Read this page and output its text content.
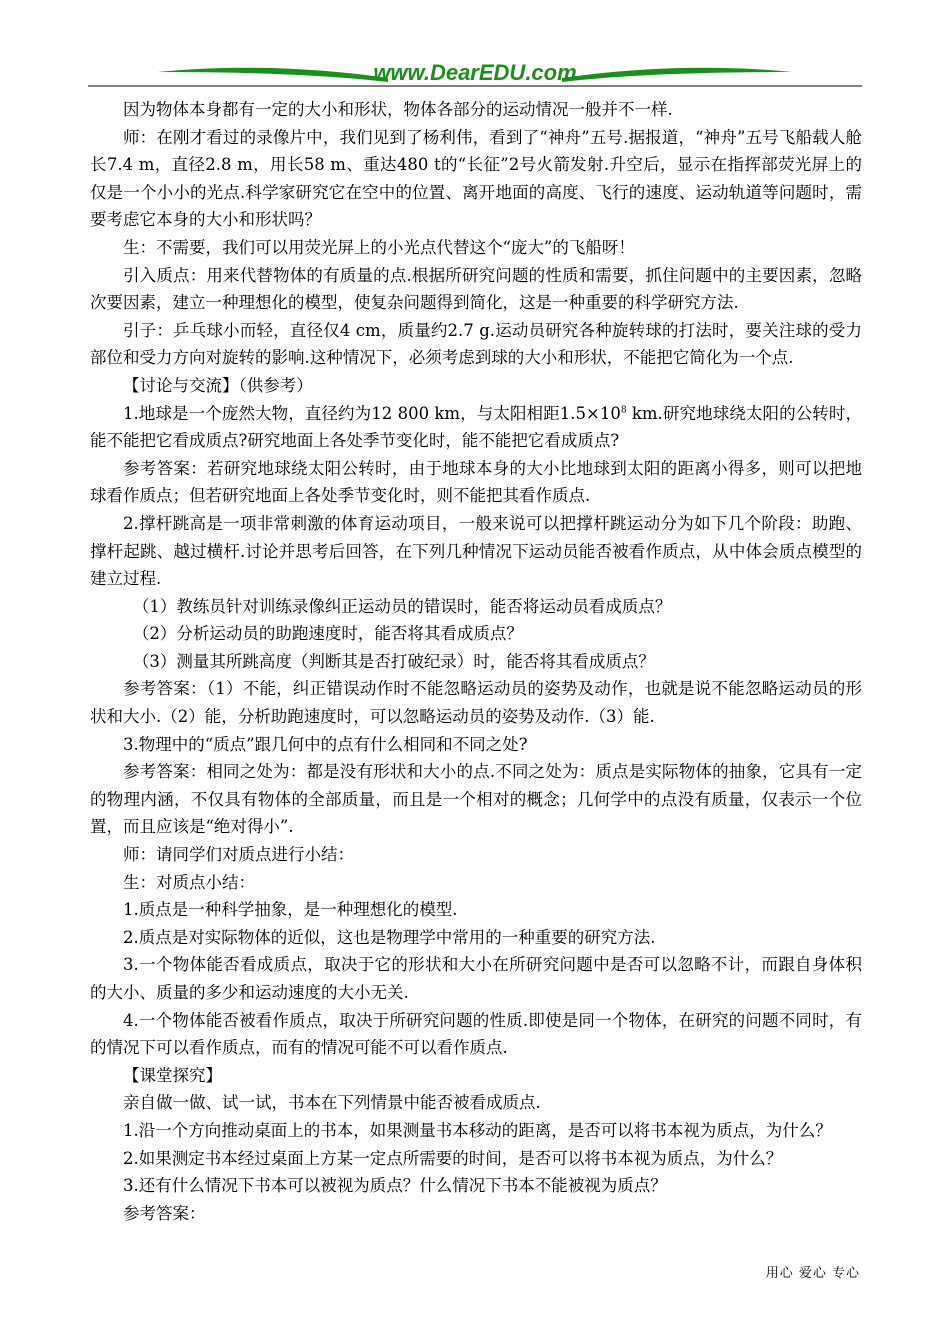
www.DearEDU.com

因为物体本身都有一定的大小和形状，物体各部分的运动情况一般并不一样.

师：在刚才看过的录像片中，我们见到了杨利伟，看到了“神舟”五号.据报道，“神舟”五号飞船载人舱长7.4 m，直径2.8 m，用长58 m、重达480 t的“长征”2号火箭发射.升空后，显示在指挥部荧光屏上的仅是一个小小的光点.科学家研究它在空中的位置、离开地面的高度、飞行的速度、运动轨道等问题时，需要考虑它本身的大小和形状吗？

生：不需要，我们可以用荧光屏上的小光点代替这个“庞大”的飞船呀！

引入质点：用来代替物体的有质量的点.根据所研究问题的性质和需要，抓住问题中的主要因素，忽略次要因素，建立一种理想化的模型，使复杂问题得到简化，这是一种重要的科学研究方法.

引子：乒乓球小而轻，直径仅4 cm，质量约2.7 g.运动员研究各种旋转球的打法时，要关注球的受力部位和受力方向对旋转的影响.这种情况下，必须考虑到球的大小和形状，不能把它简化为一个点.

【讨论与交流】（供参考）

1.地球是一个庞然大物，直径约为12 800 km，与太阳相距$1.5\times 10^8$ km.研究地球绕太阳的公转时，能不能把它看成质点?研究地面上各处季节变化时，能不能把它看成质点?

参考答案：若研究地球绕太阳公转时，由于地球本身的大小比地球到太阳的距离小得多，则可以把地球看作质点；但若研究地面上各处季节变化时，则不能把其看作质点.

2.撑杆跳高是一项非常刺激的体育运动项目，一般来说可以把撑杆跳运动分为如下几个阶段：助跑、撑杆起跳、越过横杆.讨论并思考后回答，在下列几种情况下运动员能否被看作质点，从中体会质点模型的建立过程.

（1）教练员针对训练录像纠正运动员的错误时，能否将运动员看成质点？

（2）分析运动员的助跑速度时，能否将其看成质点？

（3）测量其所跳高度（判断其是否打破纪录）时，能否将其看成质点？

参考答案：（1）不能，纠正错误动作时不能忽略运动员的姿势及动作，也就是说不能忽略运动员的形状和大小.（2）能，分析助跑速度时，可以忽略运动员的姿势及动作.（3）能.

3.物理中的“质点”跟几何中的点有什么相同和不同之处?

参考答案：相同之处为：都是没有形状和大小的点.不同之处为：质点是实际物体的抽象，它具有一定的物理内涵，不仅具有物体的全部质量，而且是一个相对的概念；几何学中的点没有质量，仅表示一个位置，而且应该是“绝对得小”.

师：请同学们对质点进行小结：

生：对质点小结：

1.质点是一种科学抽象，是一种理想化的模型.

2.质点是对实际物体的近似，这也是物理学中常用的一种重要的研究方法.

3.一个物体能否看成质点，取决于它的形状和大小在所研究问题中是否可以忽略不计，而跟自身体积的大小、质量的多少和运动速度的大小无关.

4.一个物体能否被看作质点，取决于所研究问题的性质.即使是同一个物体，在研究的问题不同时，有的情况下可以看作质点，而有的情况可能不可以看作质点.

【课堂探究】

亲自做一做、试一试，书本在下列情景中能否被看成质点.

1.沿一个方向推动桌面上的书本，如果测量书本移动的距离，是否可以将书本视为质点，为什么？

2.如果测定书本经过桌面上方某一定点所需要的时间，是否可以将书本视为质点，为什么？

3.还有什么情况下书本可以被视为质点？什么情况下书本不能被视为质点？

参考答案：

用心 爱心 专心
